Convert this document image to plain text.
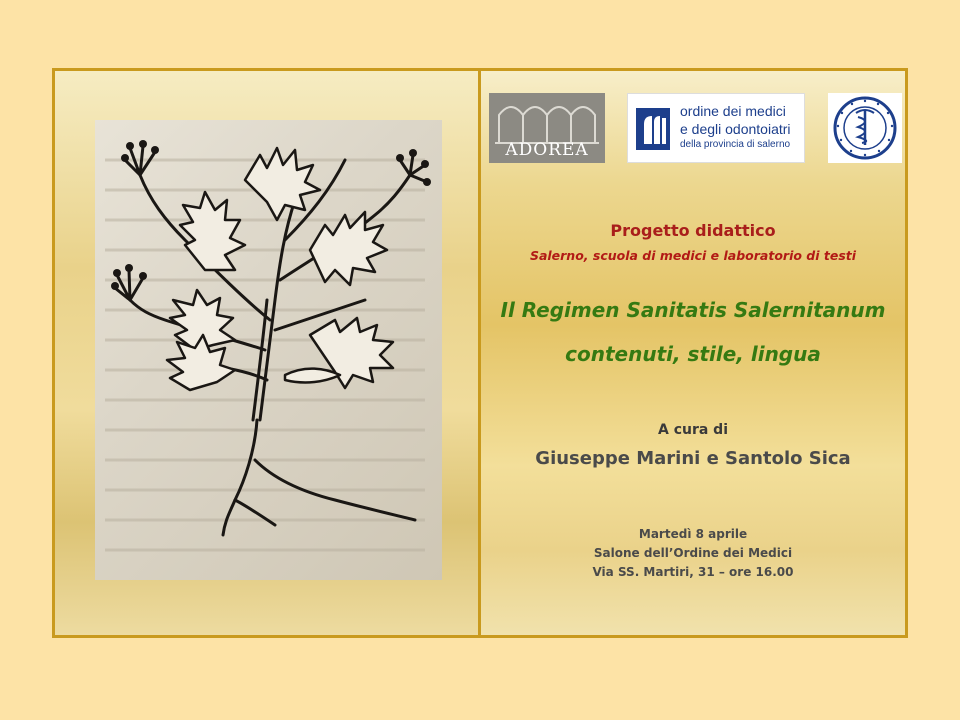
ADOREA
ordine dei medici
e degli odontoiatri
della provincia di salerno
Progetto didattico
Salerno, scuola di medici e laboratorio di testi
Il Regimen Sanitatis Salernitanum
contenuti, stile, lingua
A cura di
Giuseppe Marini e Santolo Sica
Martedì 8 aprile
Salone dell’Ordine dei Medici
Via SS. Martiri, 31 – ore 16.00
